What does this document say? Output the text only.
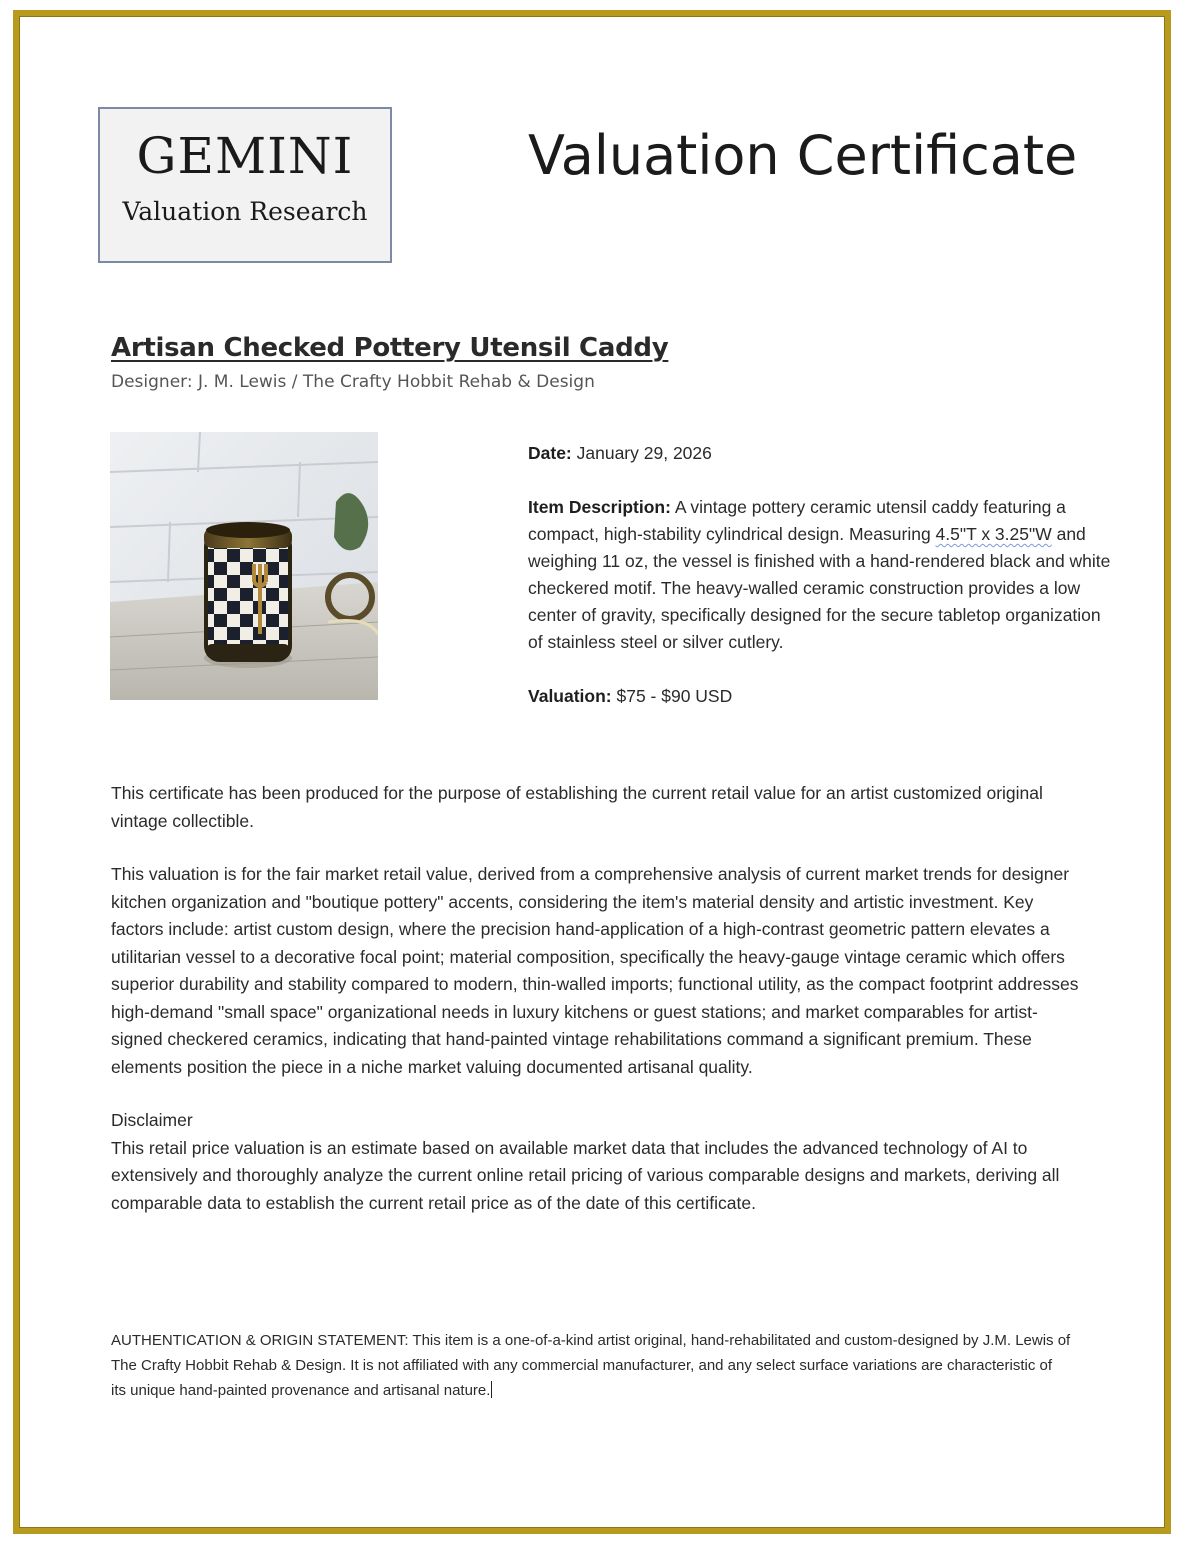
GEMINI
Valuation Research
Valuation Certificate
Artisan Checked Pottery Utensil Caddy
Designer: J. M. Lewis / The Crafty Hobbit Rehab & Design

Date: January 29, 2026

Item Description: A vintage pottery ceramic utensil caddy featuring a compact, high-stability cylindrical design. Measuring 4.5"T x 3.25"W and weighing 11 oz, the vessel is finished with a hand-rendered black and white checkered motif. The heavy-walled ceramic construction provides a low center of gravity, specifically designed for the secure tabletop organization of stainless steel or silver cutlery.

Valuation: $75 - $90 USD

This certificate has been produced for the purpose of establishing the current retail value for an artist customized original vintage collectible.

This valuation is for the fair market retail value, derived from a comprehensive analysis of current market trends for designer kitchen organization and "boutique pottery" accents, considering the item's material density and artistic investment. Key factors include: artist custom design, where the precision hand-application of a high-contrast geometric pattern elevates a utilitarian vessel to a decorative focal point; material composition, specifically the heavy-gauge vintage ceramic which offers superior durability and stability compared to modern, thin-walled imports; functional utility, as the compact footprint addresses high-demand "small space" organizational needs in luxury kitchens or guest stations; and market comparables for artist-signed checkered ceramics, indicating that hand-painted vintage rehabilitations command a significant premium. These elements position the piece in a niche market valuing documented artisanal quality.

Disclaimer

This retail price valuation is an estimate based on available market data that includes the advanced technology of AI to extensively and thoroughly analyze the current online retail pricing of various comparable designs and markets, deriving all comparable data to establish the current retail price as of the date of this certificate.

AUTHENTICATION & ORIGIN STATEMENT: This item is a one-of-a-kind artist original, hand-rehabilitated and custom-designed by J.M. Lewis of The Crafty Hobbit Rehab & Design. It is not affiliated with any commercial manufacturer, and any select surface variations are characteristic of its unique hand-painted provenance and artisanal nature.
